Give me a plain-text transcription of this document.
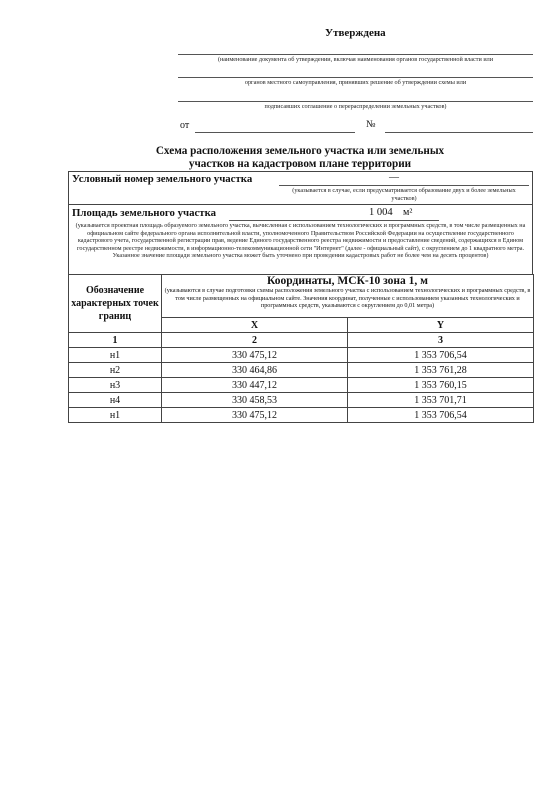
Утверждена
(наименование документа об утверждении, включая наименования органов государственной власти или
органов местного самоуправления, принявших решение об утверждении схемы или
подписавших соглашение о перераспределении земельных участков)
от	№
Схема расположения земельного участка или земельных
участков на кадастровом плане территории
Условный номер земельного участка	—
(указывается в случае, если предусматривается образование двух и более земельных участков)
Площадь земельного участка	1 004 м²
(указывается проектная площадь образуемого земельного участка, вычисленная с использованием технологических и программных средств, в том числе размещенных на официальном сайте федерального органа исполнительной власти, уполномоченного Правительством Российской Федерации на осуществление государственного кадастрового учета, государственной регистрации прав, ведение Единого государственного реестра недвижимости и предоставление сведений, содержащихся в Едином государственном реестре недвижимости, в информационно-телекоммуникационной сети "Интернет" (далее - официальный сайт), с округлением до 1 квадратного метра. Указанное значение площади земельного участка может быть уточнено при проведении кадастровых работ не более чем на десять процентов)
Обозначение характерных точек границ	Координаты, МСК-10 зона 1, м
(указываются в случае подготовки схемы расположения земельного участка с использованием технологических и программных средств, в том числе размещенных на официальном сайте. Значения координат, полученные с использованием указанных технологических и программных средств, указываются с округлением до 0,01 метра)	

	X	Y
1	2	3
н1	330 475,12	1 353 706,54
н2	330 464,86	1 353 761,28
н3	330 447,12	1 353 760,15
н4	330 458,53	1 353 701,71
н1	330 475,12	1 353 706,54
